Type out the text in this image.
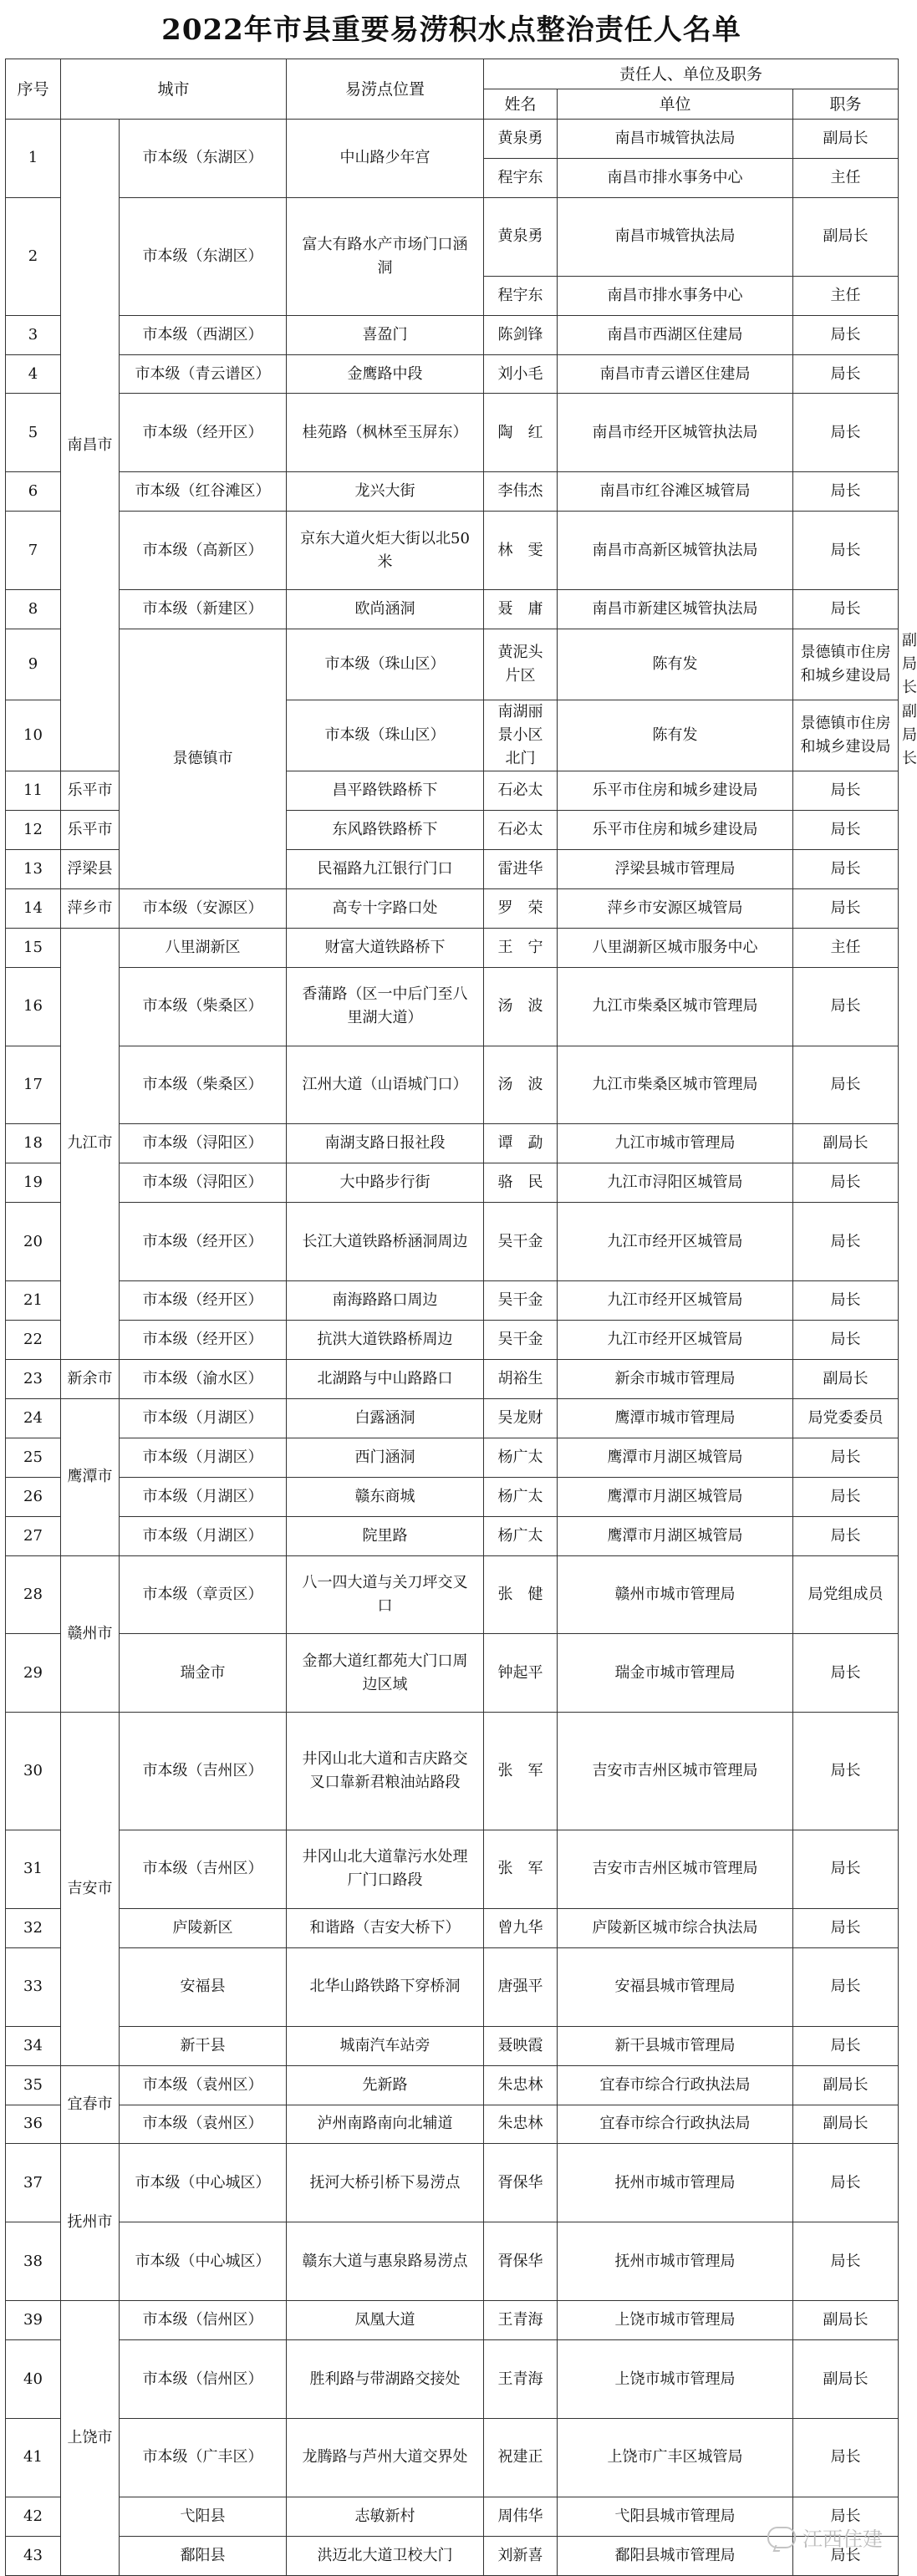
2022年市县重要易涝积水点整治责任人名单
序号	城市		易涝点位置	责任人、单位及职务			
				姓名	单位	职务	
1	南昌市	市本级（东湖区）	中山路少年宫	黄泉勇	南昌市城管执法局	副局长	
				程宇东	南昌市排水事务中心	主任	
2		市本级（东湖区）	富大有路水产市场门口涵洞	黄泉勇	南昌市城管执法局	副局长	
				程宇东	南昌市排水事务中心	主任	
3		市本级（西湖区）	喜盈门	陈剑锋	南昌市西湖区住建局	局长	
4		市本级（青云谱区）	金鹰路中段	刘小毛	南昌市青云谱区住建局	局长	
5		市本级（经开区）	桂苑路（枫林至玉屏东）	陶　红	南昌市经开区城管执法局	局长	
6		市本级（红谷滩区）	龙兴大街	李伟杰	南昌市红谷滩区城管局	局长	
7		市本级（高新区）	京东大道火炬大街以北50米	林　雯	南昌市高新区城管执法局	局长	
8		市本级（新建区）	欧尚涵洞	聂　庸	南昌市新建区城管执法局	局长	
9		景德镇市	市本级（珠山区）	黄泥头片区	陈有发	景德镇市住房和城乡建设局	副局长
10			市本级（珠山区）	南湖丽景小区北门	陈有发	景德镇市住房和城乡建设局	副局长
11	乐平市		昌平路铁路桥下	石必太	乐平市住房和城乡建设局	局长	
12	乐平市		东风路铁路桥下	石必太	乐平市住房和城乡建设局	局长	
13	浮梁县		民福路九江银行门口	雷进华	浮梁县城市管理局	局长	
14	萍乡市	市本级（安源区）	高专十字路口处	罗　荣	萍乡市安源区城管局	局长	
15	九江市	八里湖新区	财富大道铁路桥下	王　宁	八里湖新区城市服务中心	主任	
16		市本级（柴桑区）	香蒲路（区一中后门至八里湖大道）	汤　波	九江市柴桑区城市管理局	局长	
17		市本级（柴桑区）	江州大道（山语城门口）	汤　波	九江市柴桑区城市管理局	局长	
18		市本级（浔阳区）	南湖支路日报社段	谭　勐	九江市城市管理局	副局长	
19		市本级（浔阳区）	大中路步行街	骆　民	九江市浔阳区城管局	局长	
20		市本级（经开区）	长江大道铁路桥涵洞周边	吴干金	九江市经开区城管局	局长	
21		市本级（经开区）	南海路路口周边	吴干金	九江市经开区城管局	局长	
22		市本级（经开区）	抗洪大道铁路桥周边	吴干金	九江市经开区城管局	局长	
23	新余市	市本级（渝水区）	北湖路与中山路路口	胡裕生	新余市城市管理局	副局长	
24	鹰潭市	市本级（月湖区）	白露涵洞	吴龙财	鹰潭市城市管理局	局党委委员	
25		市本级（月湖区）	西门涵洞	杨广太	鹰潭市月湖区城管局	局长	
26		市本级（月湖区）	赣东商城	杨广太	鹰潭市月湖区城管局	局长	
27		市本级（月湖区）	院里路	杨广太	鹰潭市月湖区城管局	局长	
28	赣州市	市本级（章贡区）	八一四大道与关刀坪交叉口	张　健	赣州市城市管理局	局党组成员	
29		瑞金市	金都大道红都苑大门口周边区域	钟起平	瑞金市城市管理局	局长	
30	吉安市	市本级（吉州区）	井冈山北大道和吉庆路交叉口靠新君粮油站路段	张　军	吉安市吉州区城市管理局	局长	
31		市本级（吉州区）	井冈山北大道靠污水处理厂门口路段	张　军	吉安市吉州区城市管理局	局长	
32		庐陵新区	和谐路（吉安大桥下）	曾九华	庐陵新区城市综合执法局	局长	
33		安福县	北华山路铁路下穿桥洞	唐强平	安福县城市管理局	局长	
34		新干县	城南汽车站旁	聂映霞	新干县城市管理局	局长	
35	宜春市	市本级（袁州区）	先新路	朱忠林	宜春市综合行政执法局	副局长	
36		市本级（袁州区）	泸州南路南向北辅道	朱忠林	宜春市综合行政执法局	副局长	
37	抚州市	市本级（中心城区）	抚河大桥引桥下易涝点	胥保华	抚州市城市管理局	局长	
38		市本级（中心城区）	赣东大道与惠泉路易涝点	胥保华	抚州市城市管理局	局长	
39	上饶市	市本级（信州区）	凤凰大道	王青海	上饶市城市管理局	副局长	
40		市本级（信州区）	胜利路与带湖路交接处	王青海	上饶市城市管理局	副局长	
41		市本级（广丰区）	龙腾路与芦州大道交界处	祝建正	上饶市广丰区城管局	局长	
42		弋阳县	志敏新村	周伟华	弋阳县城市管理局	局长	
43		鄱阳县	洪迈北大道卫校大门	刘新喜	鄱阳县城市管理局	局长	
江西住建
